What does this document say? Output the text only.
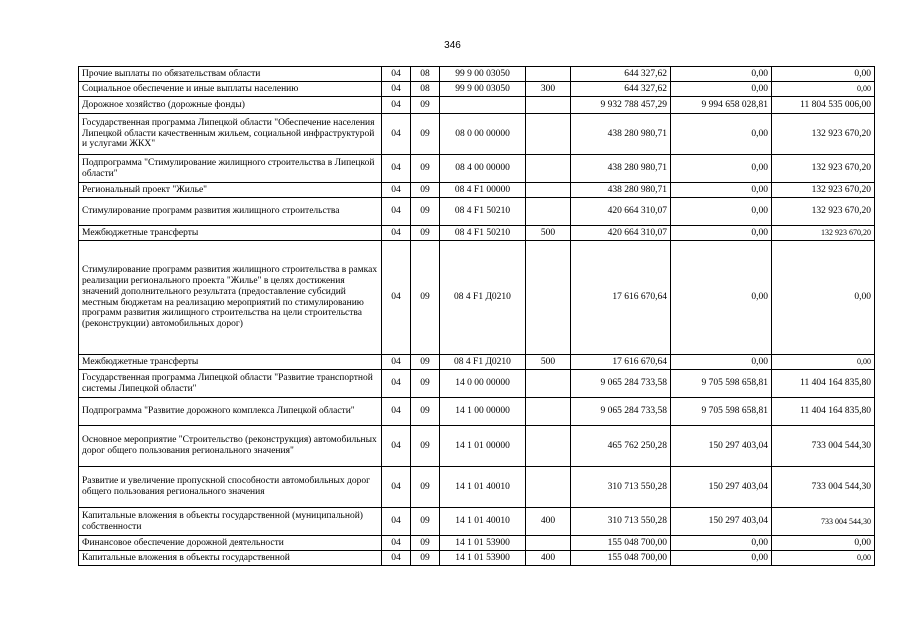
346
Прочие выплаты по обязательствам области	04	08	99 9 00 03050		644 327,62	0,00	0,00
Социальное обеспечение и иные выплаты населению	04	08	99 9 00 03050	300	644 327,62	0,00	0,00
Дорожное хозяйство (дорожные фонды)	04	09			9 932 788 457,29	9 994 658 028,81	11 804 535 006,00
Государственная программа Липецкой области "Обеспечение населения Липецкой области качественным жильем, социальной инфраструктурой и услугами ЖКХ"	04	09	08 0 00 00000		438 280 980,71	0,00	132 923 670,20
Подпрограмма "Стимулирование жилищного строительства в Липецкой области"	04	09	08 4 00 00000		438 280 980,71	0,00	132 923 670,20
Региональный проект "Жилье"	04	09	08 4 F1 00000		438 280 980,71	0,00	132 923 670,20
Стимулирование программ развития жилищного строительства	04	09	08 4 F1 50210		420 664 310,07	0,00	132 923 670,20
Межбюджетные трансферты	04	09	08 4 F1 50210	500	420 664 310,07	0,00	132 923 670,20
Стимулирование программ развития жилищного строительства в рамках реализации регионального проекта "Жилье" в целях достижения значений дополнительного результата (предоставление субсидий местным бюджетам на реализацию мероприятий по стимулированию программ развития жилищного строительства на цели строительства (реконструкции) автомобильных дорог)	04	09	08 4 F1 Д0210		17 616 670,64	0,00	0,00
Межбюджетные трансферты	04	09	08 4 F1 Д0210	500	17 616 670,64	0,00	0,00
Государственная программа Липецкой области "Развитие транспортной системы Липецкой области"	04	09	14 0 00 00000		9 065 284 733,58	9 705 598 658,81	11 404 164 835,80
Подпрограмма "Развитие дорожного комплекса Липецкой области"	04	09	14 1 00 00000		9 065 284 733,58	9 705 598 658,81	11 404 164 835,80
Основное мероприятие "Строительство (реконструкция) автомобильных дорог общего пользования регионального значения"	04	09	14 1 01 00000		465 762 250,28	150 297 403,04	733 004 544,30
Развитие и увеличение пропускной способности автомобильных дорог общего пользования регионального значения	04	09	14 1 01 40010		310 713 550,28	150 297 403,04	733 004 544,30
Капитальные вложения в объекты государственной (муниципальной) собственности	04	09	14 1 01 40010	400	310 713 550,28	150 297 403,04	733 004 544,30
Финансовое обеспечение дорожной деятельности	04	09	14 1 01 53900		155 048 700,00	0,00	0,00
Капитальные вложения в объекты государственной	04	09	14 1 01 53900	400	155 048 700,00	0,00	0,00
